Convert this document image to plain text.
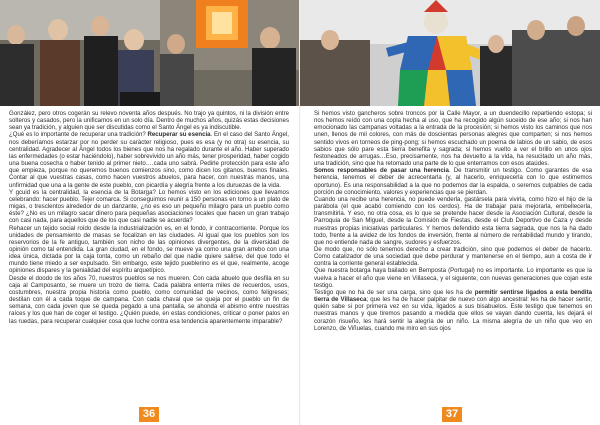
González, pero otros cogerán su relevo noventa años después. No trajo ya quintos, ni la división entre solteros y casados, pero la unificamos en un solo día. Dentro de muchos años, quizás estas decisiones sean ya tradición, y alguien que ser discutidas como el Santo Ángel es ya indiscutible.

¿Qué es lo importante de recuperar una tradición? Recuperar su esencia. En el caso del Santo Ángel, nos deberíamos estarzar por no perder su carácter religioso, pues es esa (y no otra) su esencia, su centralidad. Agradecer al Ángel todos los bienes que nos ha regalado durante el año. Haber superado las enfermedades (o estar haciéndolo), haber sobrevivido un año más, tener prosperidad, haber cogido una buena cosecha o haber tenido al primer nieto….cada uno sabrá. Pedirle protección para este año que empieza, porque no queremos buenos comienzos sino, como dicen los gitanos, buenos finales. Contar al que vuestras casas, como hacen vuestros abuelos, para hacer, con nuestras manos, una unfirmidad que una a la gente de este pueblo, con picardía y alegría frente a los duruezas de la vida.

Y gcuid es la centralidad, la esencia de la Botarga? Lo hemos visto en los ediciones que llevamos celebrando: hacer pueblo. Tejer comarca. Si conseguimos reunir a 150 personas en torno a un plato de migas, o tresclentos alrededor de un danzante, ¿no es eso un pequeño milagro para un pueblo como éste? ¿No es un milagro sacar dinero para pequeñas asociaciones locales que hacen un gran trabajo con casi nada, para aquellos que de los que casi nadie se acuerda?

Rehacer un tejido social roído desde la industrialización es, en el fondo, ir contracorriente. Porque los unidades de pensamiento de masas se focalizan en las ciudades. Al igual que los pueblos son los reservorios de la fe antiguo, también son nicho de las opiniones divergentes, de la diversidad de opinión como tal entendida. La gran ciudad, en el fondo, se mueve ya como una gran arrebo con una idea única, dictada por la caja tonta, como un rebaño del que nadie quiere salirse, del que todo el mundo tiene miedo a ser expulsado. Sin embargo, este tejido pueblerino es el que, realmente, acoge opiniones dispares y la genialidad del espíritu arquetípico.

Desde el doodo de los años 70, nuestros pueblos se nos mueren. Con cada abuelo que desfila en su caja al Camposanto, se muere un trozo de tierra. Cada palabra enterra miles de recuerdos, usos, costumbres, nuestra propia historia como pueblo, como comunidad de vecinos, como feligreses; destilan con él a cada toque de campana. Con cada chaval que se queja por el pueblo un fin de semana, con cada joven que se queda pegado a una pantalla, se ahonda el abismo entre nuestras raíces y los que han de coger el testigo. ¿Quién puede, en estas condiciones, criticar o poner palos en las ruedas, para recuperar cualquier cosa que luche contra esa tendencia aparentemente imparable?

36

Si hemos visto gancheros sobre troncos por la Calle Mayor, a un duendecillo repartiendo estopa; si nos hemos reído con una copla hecha al uso, que ha recogido algún suceido de ese año; si nos han emocionado las campanas voltadas a la entrada de la procesión; si hemos visto los caminos que nos unen, llenos de mil colores, con más de doscientas personas alegres que comparten; si nos hemos sentido vivos en torneos de ping-pong; si hemos escuchado un poema de labios de un sabio, de esos sabios que sólo pare esta tierra benefita y sagrada; si hemos vuelto a ver el brillo en unos ojos festoneados de arrugas…Eso, precisamente, nos ha devuelto a la vida, ha resucitado un año más, una tradición, sino que ha retomado una parte de lo que enterramos con esos ataúdes.

Somos responsables de pasar una herencia. De transmitir un testigo. Como garantes de esa herencia, tenemos el deber de acrecentarla (y, al hacerlo, enriquecerla con lo que estimemos oportuno). Es una responsabilidad a la que no podemos dar la espalda, o seremos culpables de cada porción de conocimiento, valores y experiencias que se pierdan.

Cuando una recibe una herencia, no puede venderla, gastársela para vivirla, como hizo el hijo de la parábola (el que acabó comiendo con los cerdos). Ha de trabajar para mejorarla, embellecerla, transmitirla. Y eso, no otra cosa, es lo que se pretende hacer desde la Asociación Cultural, desde la Parroquia de San Miguel, desde la Comisión de Fiestas, desde el Club Deportivo de Caza y desde nuestras propias iniciativas particulares. Y hemos defendido esta tierra sagrada, que nos la ha dado todo, frente a la avidez de los fondos de inversión, frente al número de rentabilidad mundo y tirando, que no entiende nada de sangre, sudores y esfuerzos.

De modo que, no sólo tenemos derecho a crear tradición, sino que podemos el deber de hacerlo. Como catalizador de una sociedad que debe perdurar y mantenerse en el tiempo, aun a costa de ir contra la corriente general establecida.

Que nuestra botarga haya bailado en Bemposta (Portugal) no es importante. Lo importante es que la vuelva a hacer el año que viene en Villaseca, y el siguiente, con nuevas generaciones que cojan este testigo.

Testigo que no ha de ser una carga, sino que les ha de permitir sentirse ligados a esta bendita tierra de Villaseca; que les ha de hacer palpitar de nuevo con algo ancestral: les ha de hacer sentir, quién sabe si por primera vez en su vida, ligados a sus bisabuelos. Este testigo que tenemos en nuestras manos y que tiremos pasando a medida que ellos se vayan dando cuenta, les dejará el corazón risueño, les hará sentir la alegría de un niño. La misma alegría de un niño que veo en Lorenzo, de Viñuelas, cuando me miro en sus ojos

37
